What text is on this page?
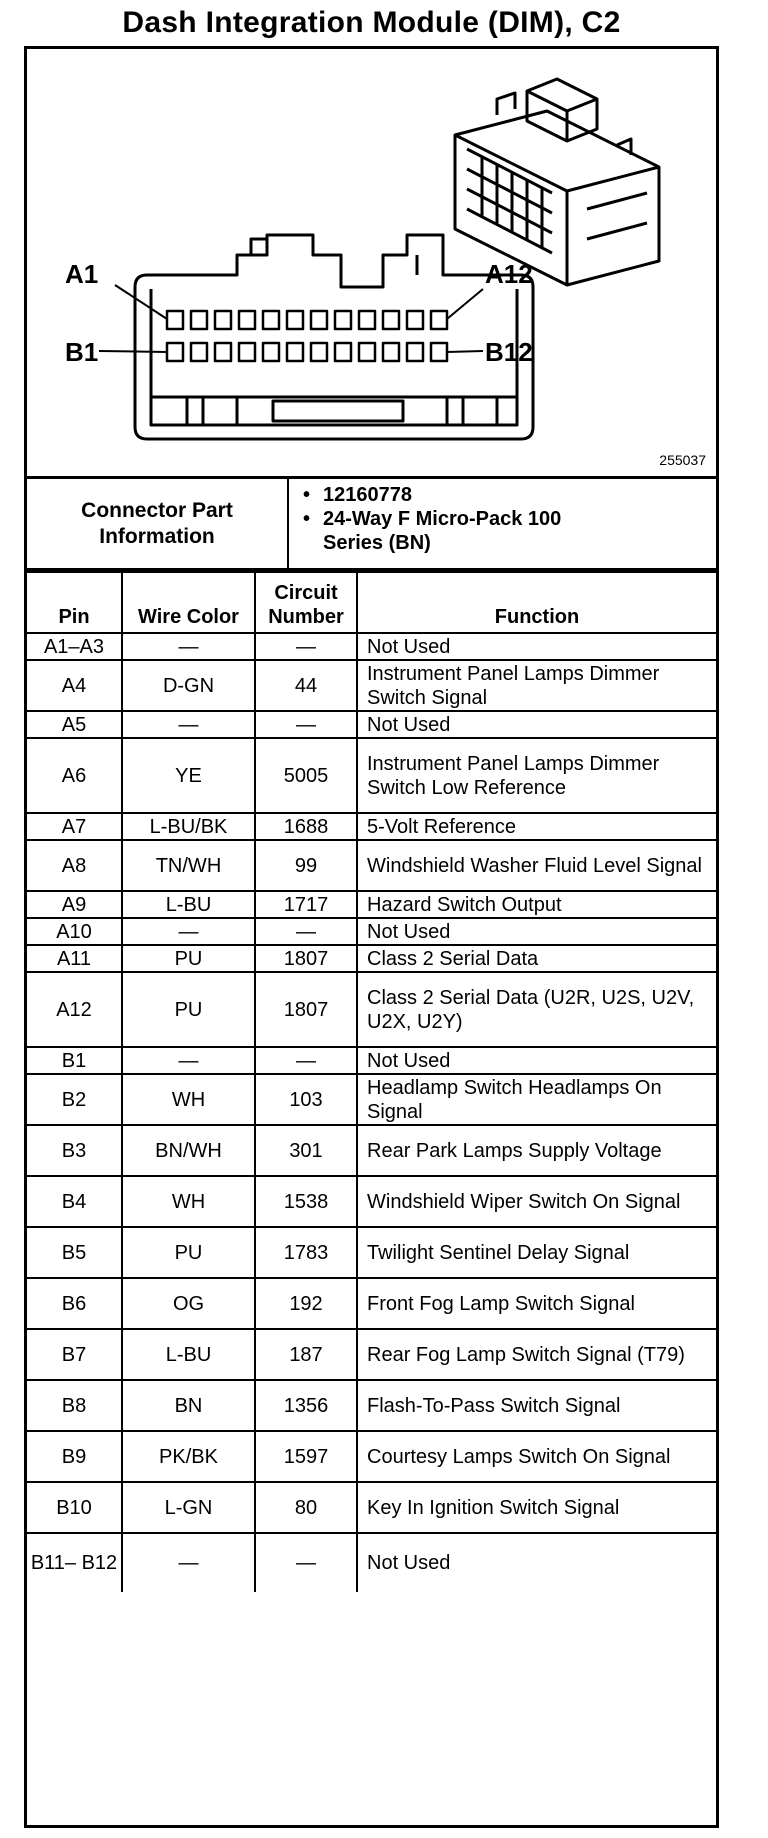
Dash Integration Module (DIM), C2
A1	A12
B1	B12
255037
Connector Part Information
• 12160778
• 24-Way F Micro-Pack 100 Series (BN)
Pin	Wire Color	Circuit Number	Function
A1–A3	—	—	Not Used
A4	D-GN	44	Instrument Panel Lamps Dimmer Switch Signal
A5	—	—	Not Used
A6	YE	5005	Instrument Panel Lamps Dimmer Switch Low Reference
A7	L-BU/BK	1688	5-Volt Reference
A8	TN/WH	99	Windshield Washer Fluid Level Signal
A9	L-BU	1717	Hazard Switch Output
A10	—	—	Not Used
A11	PU	1807	Class 2 Serial Data
A12	PU	1807	Class 2 Serial Data (U2R, U2S, U2V, U2X, U2Y)
B1	—	—	Not Used
B2	WH	103	Headlamp Switch Headlamps On Signal
B3	BN/WH	301	Rear Park Lamps Supply Voltage
B4	WH	1538	Windshield Wiper Switch On Signal
B5	PU	1783	Twilight Sentinel Delay Signal
B6	OG	192	Front Fog Lamp Switch Signal
B7	L-BU	187	Rear Fog Lamp Switch Signal (T79)
B8	BN	1356	Flash-To-Pass Switch Signal
B9	PK/BK	1597	Courtesy Lamps Switch On Signal
B10	L-GN	80	Key In Ignition Switch Signal
B11– B12	—	—	Not Used
